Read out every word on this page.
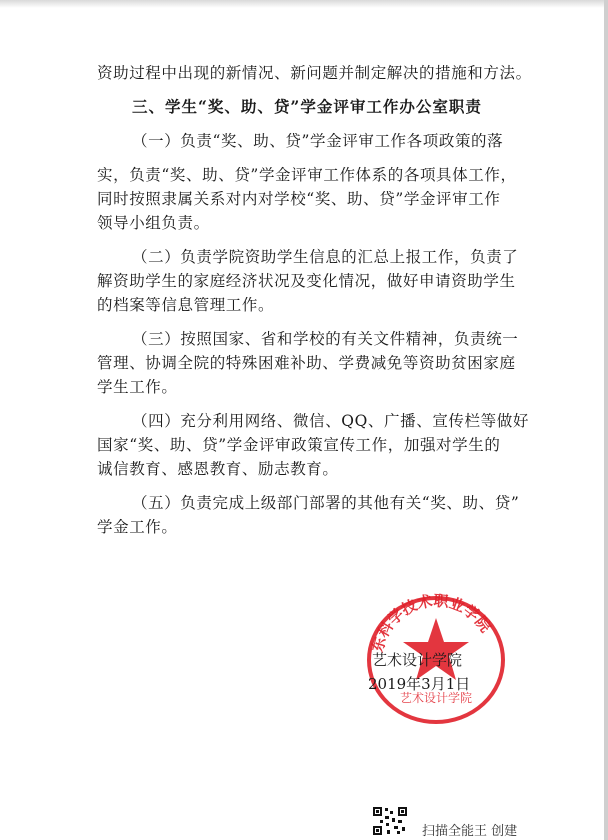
资助过程中出现的新情况、新问题并制定解决的措施和方法。
三、学生“奖、助、贷”学金评审工作办公室职责
（一）负责“奖、助、贷”学金评审工作各项政策的落
实，负责“奖、助、贷”学金评审工作体系的各项具体工作，
同时按照隶属关系对内对学校“奖、助、贷”学金评审工作
领导小组负责。
（二）负责学院资助学生信息的汇总上报工作，负责了
解资助学生的家庭经济状况及变化情况，做好申请资助学生
的档案等信息管理工作。
（三）按照国家、省和学校的有关文件精神，负责统一
管理、协调全院的特殊困难补助、学费减免等资助贫困家庭
学生工作。
（四）充分利用网络、微信、QQ、广播、宣传栏等做好
国家“奖、助、贷”学金评审政策宣传工作，加强对学生的
诚信教育、感恩教育、励志教育。
（五）负责完成上级部门部署的其他有关“奖、助、贷”
学金工作。
东科学技术职业学院
艺术设计学院
艺术设计学院
2019年3月1日
扫描全能王 创建
